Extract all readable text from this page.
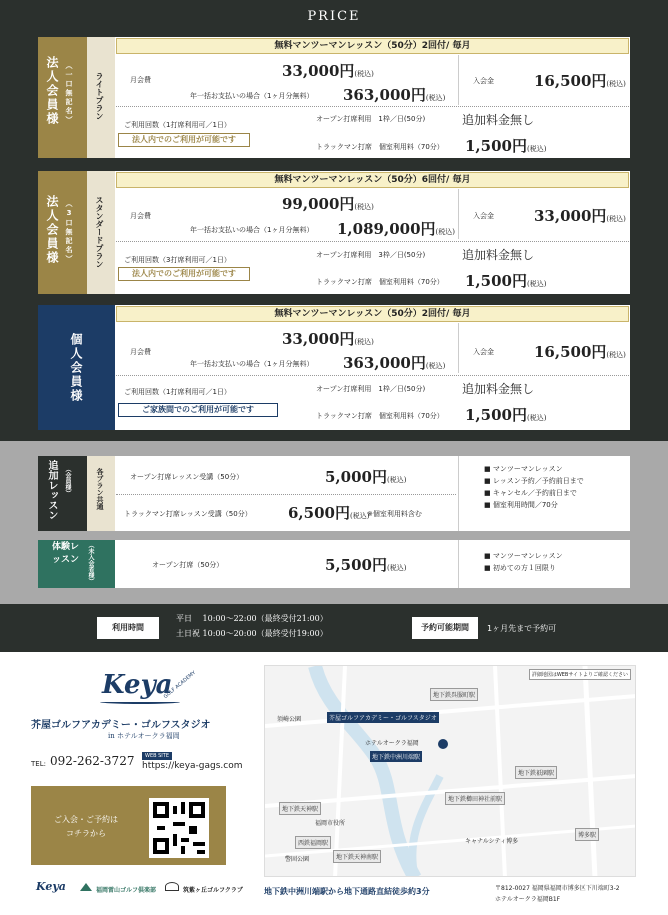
PRICE
法人会員様 （一口無記名）	ライトプラン
無料マンツーマンレッスン（50分）2回付/ 毎月
月会費	33,000円(税込)
年一括お支払いの場合（1ヶ月分無料） 363,000円(税込)
入会金	16,500円(税込)
ご利用回数（1打席利用可／1日）
法人内でのご利用が可能です
オープン打席利用　1枠／日(50分)	追加料金無し
トラックマン打席　個室利用料（70分） 1,500円(税込)
法人会員様 （3口無記名）	スタンダードプラン
無料マンツーマンレッスン（50分）6回付/ 毎月
月会費
99,000円(税込)
年一括お支払いの場合（1ヶ月分無料） 1,089,000円(税込)
入会金	33,000円(税込)
ご利用回数（3打席利用可／1日）
法人内でのご利用が可能です
オープン打席利用　3枠／日(50分)	追加料金無し
トラックマン打席　個室利用料（70分） 1,500円(税込)
個人会員様
無料マンツーマンレッスン（50分）2回付/ 毎月
月会費
33,000円(税込)
年一括お支払いの場合（1ヶ月分無料） 363,000円(税込)
入会金	16,500円(税込)
ご利用回数（1打席利用可／1日）
ご家族間でのご利用が可能です
オープン打席利用　1枠／日(50分)	追加料金無し
トラックマン打席　個室利用料（70分） 1,500円(税込)
追加レッスン	（会員様）	各プラン共通	オープン打席レッスン受講（50分）	5,000円(税込)
トラックマン打席レッスン受講（50分） 6,500円(税込)
※個室利用料含む
■ マンツーマンレッスン
■ レッスン予約／予約前日まで
■ キャンセル／予約前日まで
■ 個室利用時間／70分
体験レッスン （未入会者様）	オープン打席（50分）	5,500円(税込)
■ マンツーマンレッスン
■ 初めての方１回限り
利用時間
平日　 10:00～22:00（最終受付21:00）
土日祝 10:00～20:00（最終受付19:00）
予約可能期間	1ヶ月先まで予約可
Keya
GOLF ACADEMY
芥屋ゴルフアカデミー・ゴルフスタジオ
in ホテルオークラ福岡
TEL: 092-262-3727	WEB SITE
https://keya-gags.com
ご入会・ご予約は
コチラから
Keya	福岡雷山ゴルフ倶楽部	筑紫ヶ丘ゴルフクラブ
詳細地図はWEBサイトよりご確認ください
芥屋ゴルフアカデミー・ゴルフスタジオ
地下鉄呉服町駅
ホテルオークラ福岡
地下鉄中洲川端駅
地下鉄祇園駅
地下鉄櫛田神社前駅
地下鉄天神駅
地下鉄天神南駅
福岡市役所
西鉄福岡駅
警固公園
キャナルシティ博多
博多駅
須崎公園
地下鉄中洲川端駅から地下通路直結徒歩約3分	〒812-0027 福岡県福岡市博多区下川端町3-2
ホテルオークラ福岡B1F
